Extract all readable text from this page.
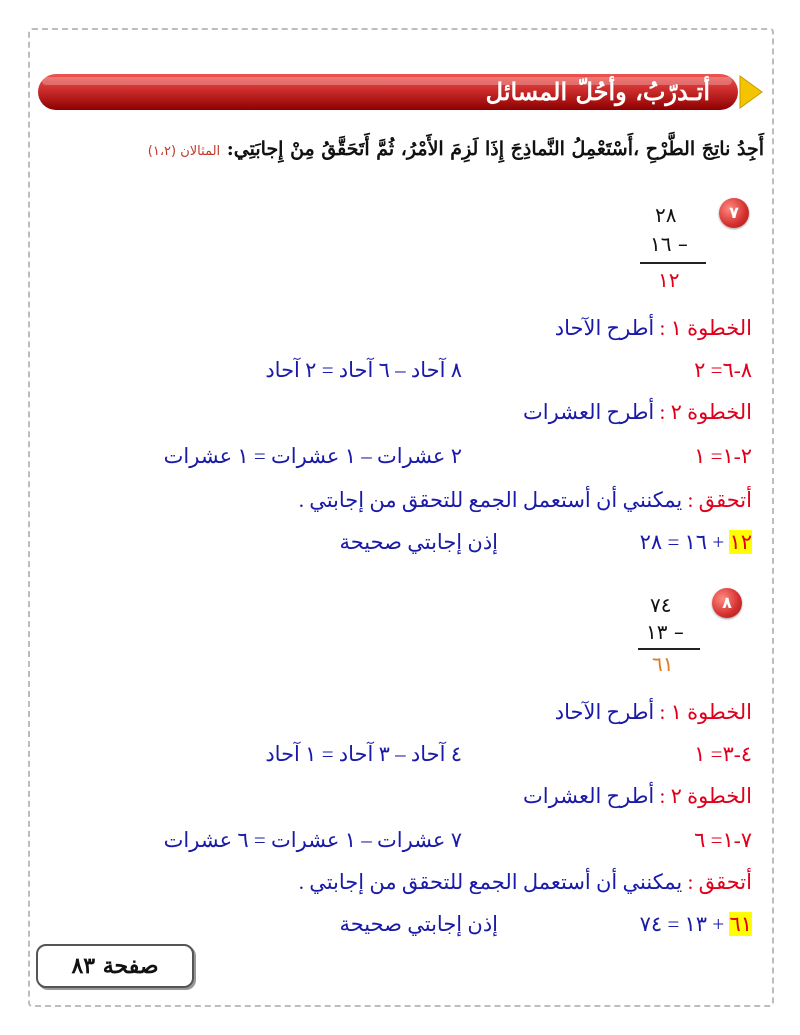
أتـدرّبُ، وأحُلّ المسائل
أَجِدُ ناتِجَ الطَّرْحِ ،أَسْتَعْمِلُ النَّماذِجَ إِذَا لَزِمَ الأَمْرُ، ثُمَّ أَتَحَقَّقُ مِنْ إِجابَتِي: المثالان (١،٢)
٧
٢٨
١٦ –
١٢
الخطوة ١ : أطرح الآحاد
٨-٦= ٢
٨ آحاد – ٦ آحاد = ٢ آحاد
الخطوة ٢ : أطرح العشرات
٢-١= ١
٢ عشرات – ١ عشرات = ١ عشرات
أتحقق : يمكنني أن أستعمل الجمع للتحقق من إجابتي .
١٢ + ١٦ = ٢٨
إذن إجابتي صحيحة
٨
٧٤
١٣ –
٦١
الخطوة ١ : أطرح الآحاد
٤-٣= ١
٤ آحاد – ٣ آحاد = ١ آحاد
الخطوة ٢ : أطرح العشرات
٧-١= ٦
٧ عشرات – ١ عشرات = ٦ عشرات
أتحقق : يمكنني أن أستعمل الجمع للتحقق من إجابتي .
٦١ + ١٣ = ٧٤
إذن إجابتي صحيحة
صفحة ٨٣
